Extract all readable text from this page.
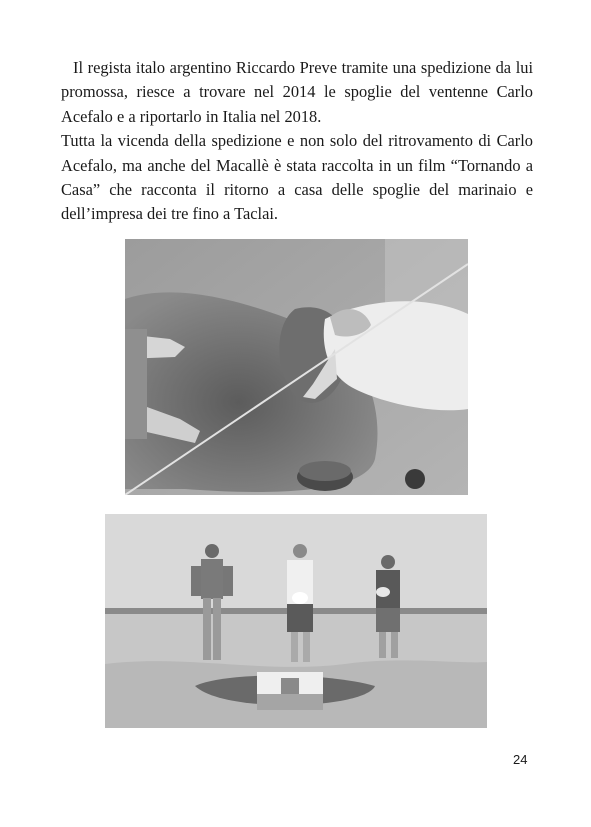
Il regista italo argentino Riccardo Preve tramite una spedizione da lui promossa, riesce a trovare nel 2014 le spoglie del ventenne Carlo Acefalo e a riportarlo in Italia nel 2018.

Tutta la vicenda della spedizione e non solo del ritrovamento di Carlo Acefalo, ma anche del Macallè è stata raccolta in un film “Tornando a Casa” che racconta il ritorno a casa delle spoglie del marinaio e dell’impresa dei tre fino a Taclai.

24
